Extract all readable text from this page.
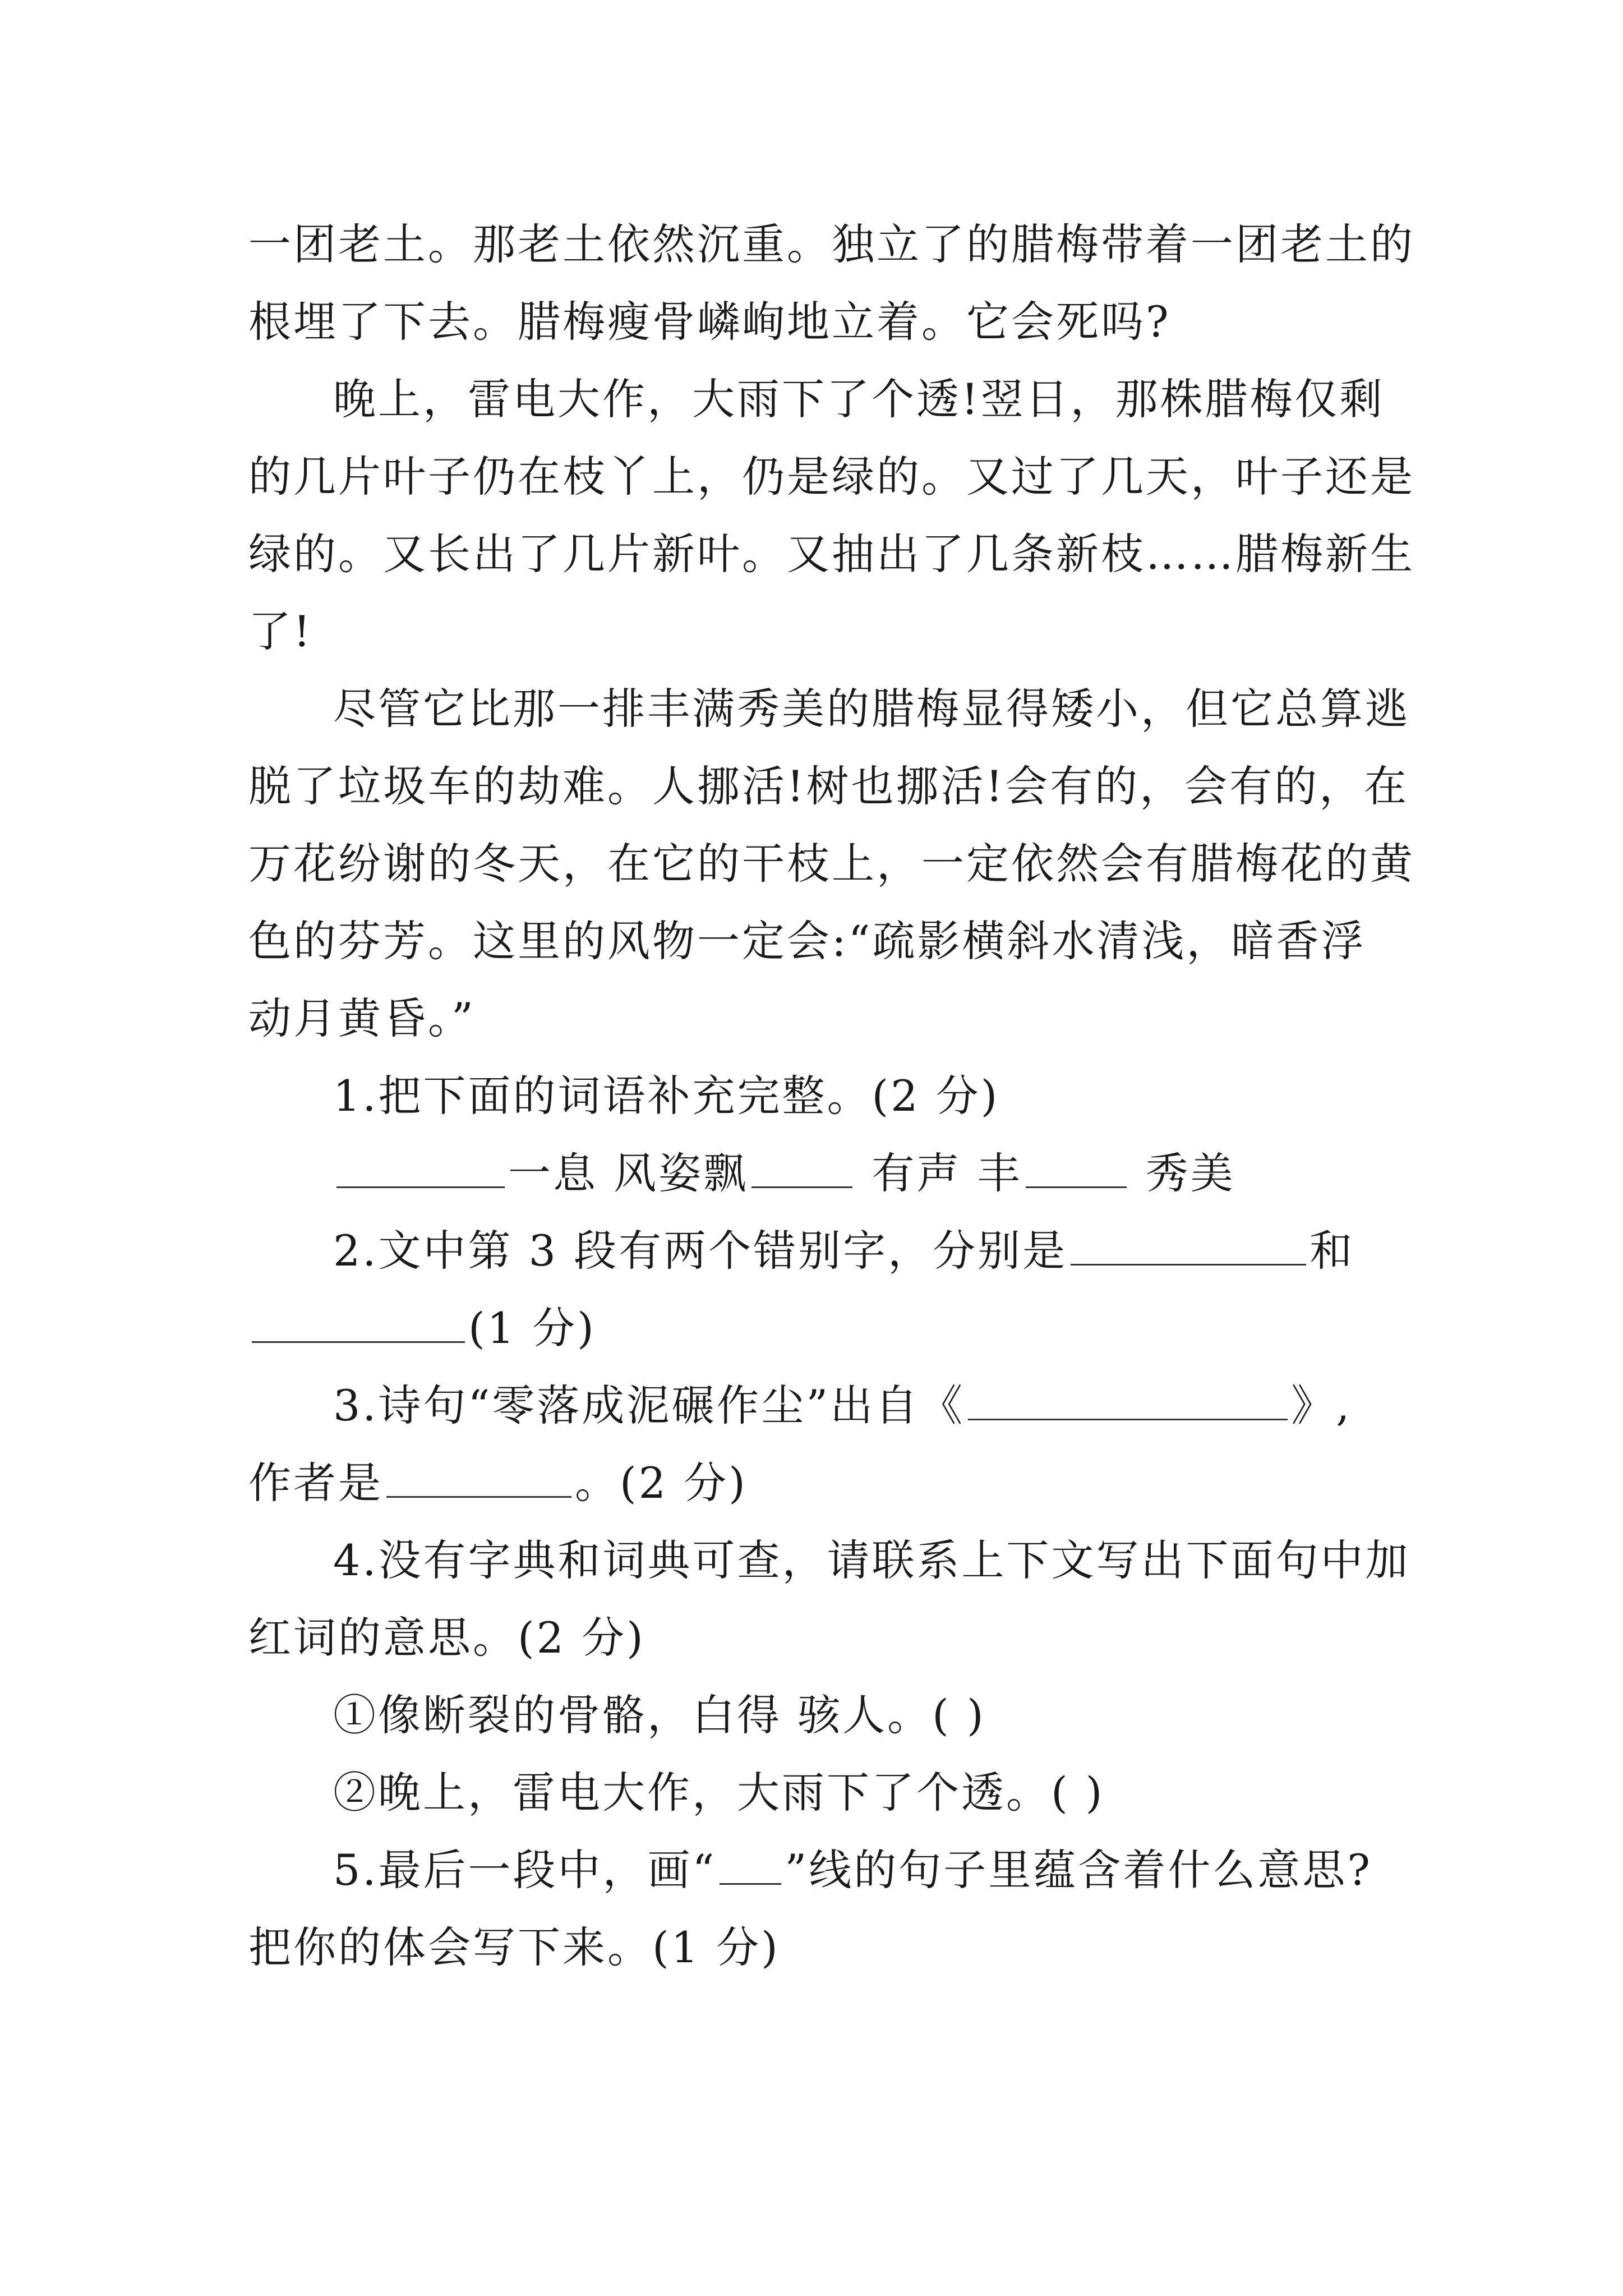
一团老土。那老土依然沉重。独立了的腊梅带着一团老土的
根埋了下去。腊梅瘦骨嶙峋地立着。它会死吗?
晚上，雷电大作，大雨下了个透!翌日，那株腊梅仅剩
的几片叶子仍在枝丫上，仍是绿的。又过了几天，叶子还是
绿的。又长出了几片新叶。又抽出了几条新枝……腊梅新生
了!
尽管它比那一排丰满秀美的腊梅显得矮小，但它总算逃
脱了垃圾车的劫难。人挪活!树也挪活!会有的，会有的，在
万花纷谢的冬天，在它的干枝上，一定依然会有腊梅花的黄
色的芬芳。这里的风物一定会:“疏影横斜水清浅，暗香浮
动月黄昏。”
1.把下面的词语补充完整。(2 分)
一息 风姿飘	有声 丰	秀美
2.文中第 3 段有两个错别字，分别是	和
(1 分)
3.诗句“零落成泥碾作尘”出自《	》,
作者是	。(2 分)
4.没有字典和词典可查，请联系上下文写出下面句中加
红词的意思。(2 分)
①像断裂的骨骼，白得 骇人。( )
②晚上，雷电大作，大雨下了个透。( )
5.最后一段中，画“ ”线的句子里蕴含着什么意思?
把你的体会写下来。(1 分)
